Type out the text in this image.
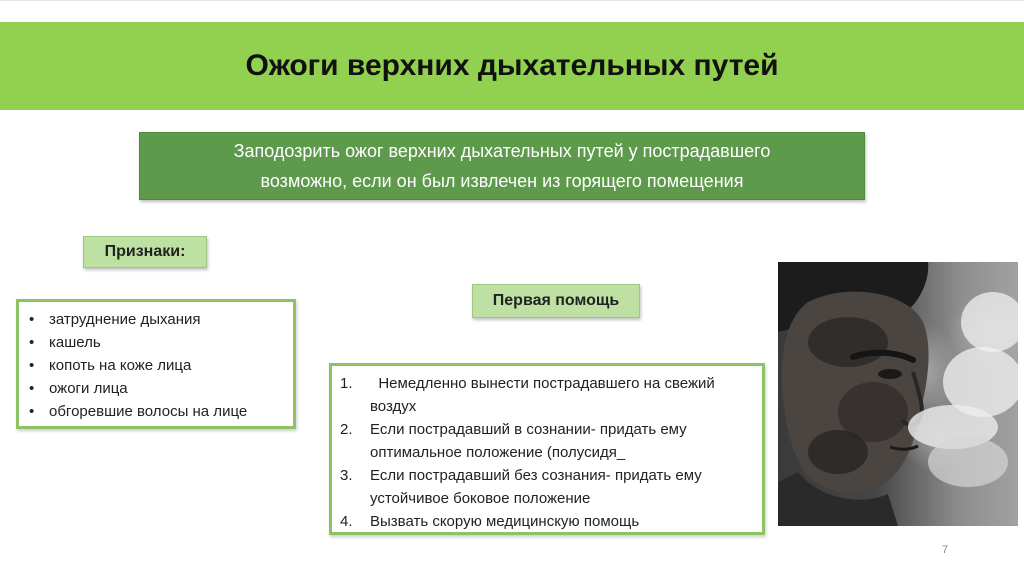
Ожоги верхних дыхательных путей
Заподозрить ожог верхних дыхательных путей у пострадавшего
возможно, если он был извлечен из горящего помещения
Признаки:
• затруднение дыхания
• кашель
• копоть на коже лица
• ожоги лица
• обгоревшие волосы на лице
Первая помощь
1. Немедленно вынести пострадавшего на свежий воздух
2. Если пострадавший в сознании- придать ему оптимальное положение (полусидя_
3. Если пострадавший без сознания- придать ему устойчивое боковое положение
4. Вызвать скорую медицинскую помощь
7
